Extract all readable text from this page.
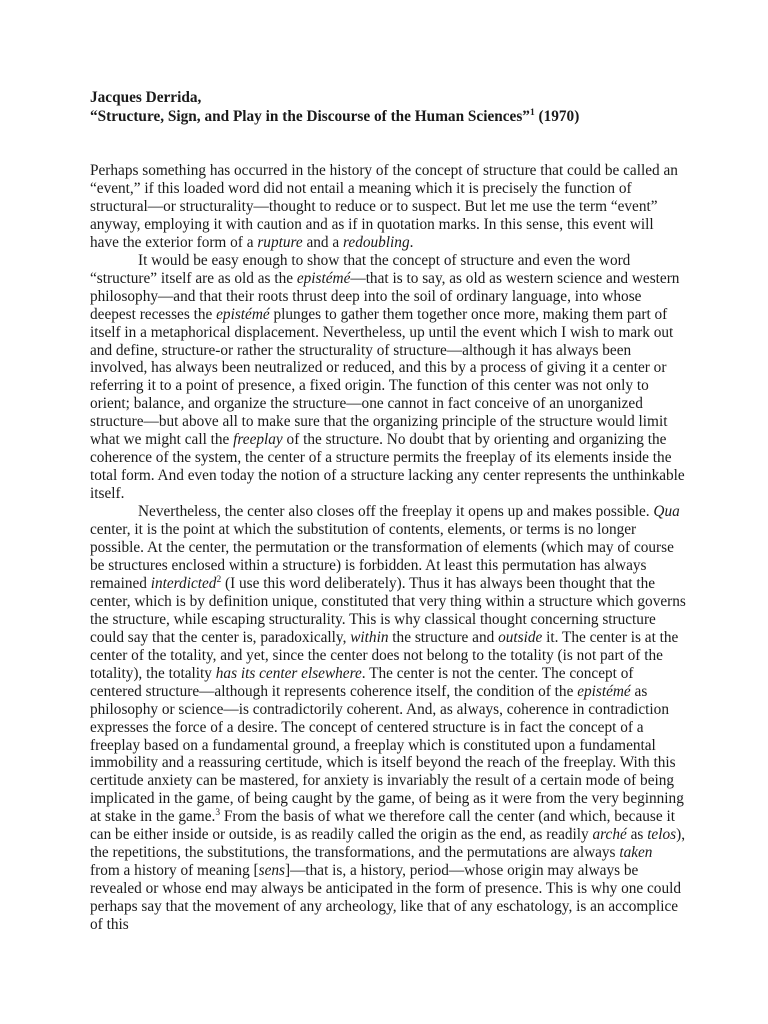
Jacques Derrida,
“Structure, Sign, and Play in the Discourse of the Human Sciences”$^1$ (1970)

Perhaps something has occurred in the history of the concept of structure that could be called an “event,” if this loaded word did not entail a meaning which it is precisely the function of structural—or structurality—thought to reduce or to suspect. But let me use the term “event” anyway, employing it with caution and as if in quotation marks. In this sense, this event will have the exterior form of a rupture and a redoubling.

It would be easy enough to show that the concept of structure and even the word “structure” itself are as old as the epistémé—that is to say, as old as western science and western philosophy—and that their roots thrust deep into the soil of ordinary language, into whose deepest recesses the epistémé plunges to gather them together once more, making them part of itself in a metaphorical displacement. Nevertheless, up until the event which I wish to mark out and define, structure-or rather the structurality of structure—although it has always been involved, has always been neutralized or reduced, and this by a process of giving it a center or referring it to a point of presence, a fixed origin. The function of this center was not only to orient; balance, and organize the structure—one cannot in fact conceive of an unorganized structure—but above all to make sure that the organizing principle of the structure would limit what we might call the freeplay of the structure. No doubt that by orienting and organizing the coherence of the system, the center of a structure permits the freeplay of its elements inside the total form. And even today the notion of a structure lacking any center represents the unthinkable itself.

Nevertheless, the center also closes off the freeplay it opens up and makes possible. Qua center, it is the point at which the substitution of contents, elements, or terms is no longer possible. At the center, the permutation or the transformation of elements (which may of course be structures enclosed within a structure) is forbidden. At least this permutation has always remained interdicted$^2$ (I use this word deliberately). Thus it has always been thought that the center, which is by definition unique, constituted that very thing within a structure which governs the structure, while escaping structurality. This is why classical thought concerning structure could say that the center is, paradoxically, within the structure and outside it. The center is at the center of the totality, and yet, since the center does not belong to the totality (is not part of the totality), the totality has its center elsewhere. The center is not the center. The concept of centered structure—although it represents coherence itself, the condition of the epistémé as philosophy or science—is contradictorily coherent. And, as always, coherence in contradiction expresses the force of a desire. The concept of centered structure is in fact the concept of a freeplay based on a fundamental ground, a freeplay which is constituted upon a fundamental immobility and a reassuring certitude, which is itself beyond the reach of the freeplay. With this certitude anxiety can be mastered, for anxiety is invariably the result of a certain mode of being implicated in the game, of being caught by the game, of being as it were from the very beginning at stake in the game.$^3$ From the basis of what we therefore call the center (and which, because it can be either inside or outside, is as readily called the origin as the end, as readily arché as telos), the repetitions, the substitutions, the transformations, and the permutations are always taken from a history of meaning [sens]—that is, a history, period—whose origin may always be revealed or whose end may always be anticipated in the form of presence. This is why one could perhaps say that the movement of any archeology, like that of any eschatology, is an accomplice of this
